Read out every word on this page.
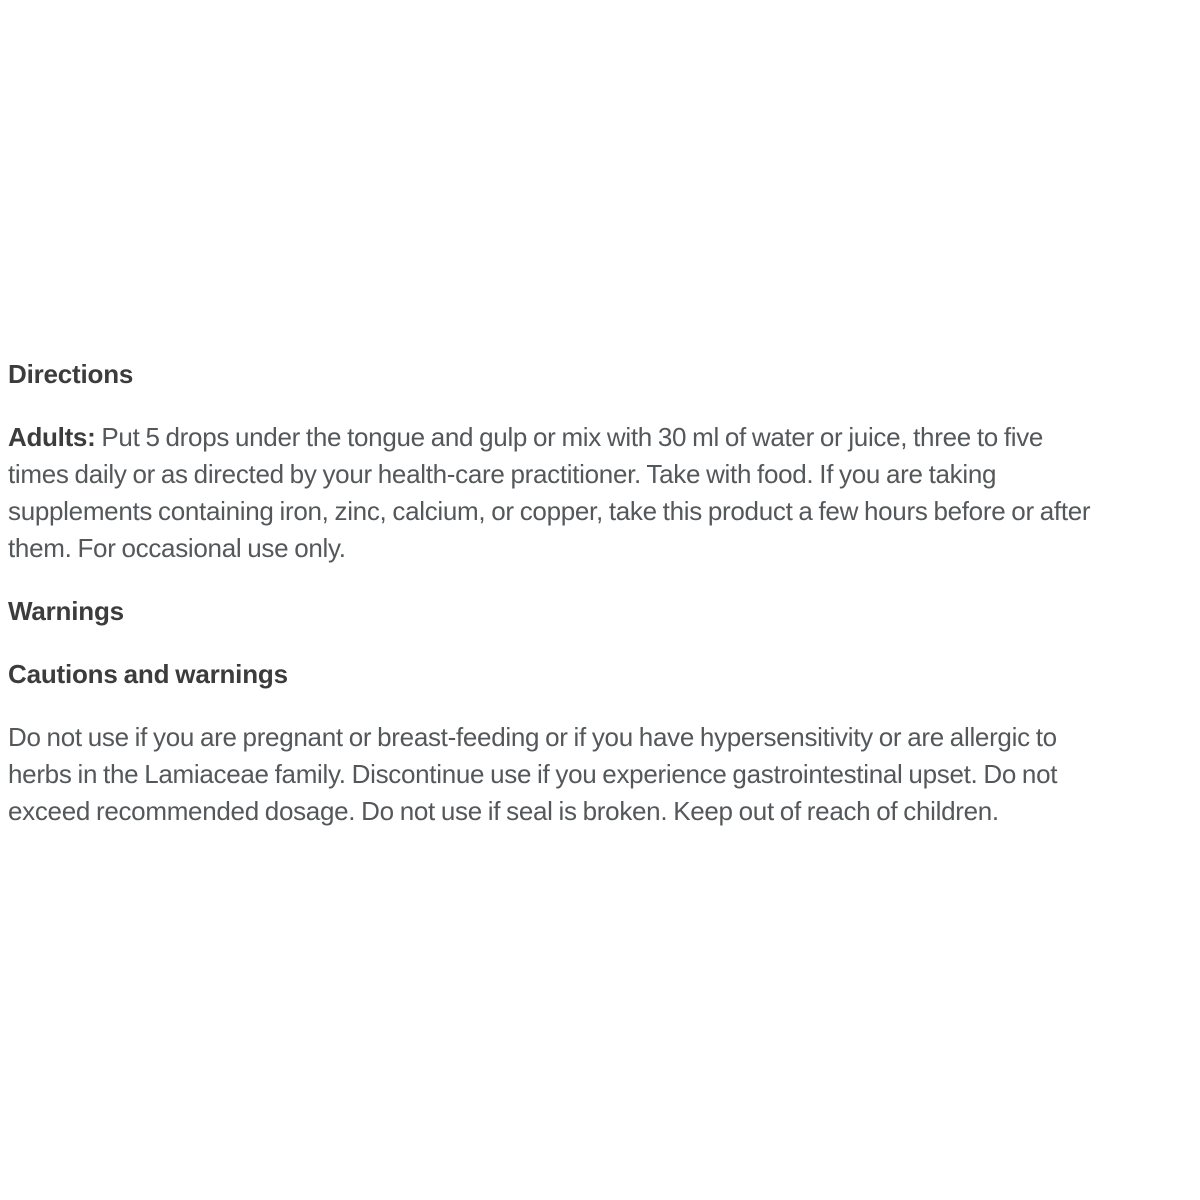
Directions

Adults: Put 5 drops under the tongue and gulp or mix with 30 ml of water or juice, three to five
times daily or as directed by your health-care practitioner. Take with food. If you are taking
supplements containing iron, zinc, calcium, or copper, take this product a few hours before or after
them. For occasional use only.

Warnings
Cautions and warnings

Do not use if you are pregnant or breast-feeding or if you have hypersensitivity or are allergic to
herbs in the Lamiaceae family. Discontinue use if you experience gastrointestinal upset. Do not
exceed recommended dosage. Do not use if seal is broken. Keep out of reach of children.
